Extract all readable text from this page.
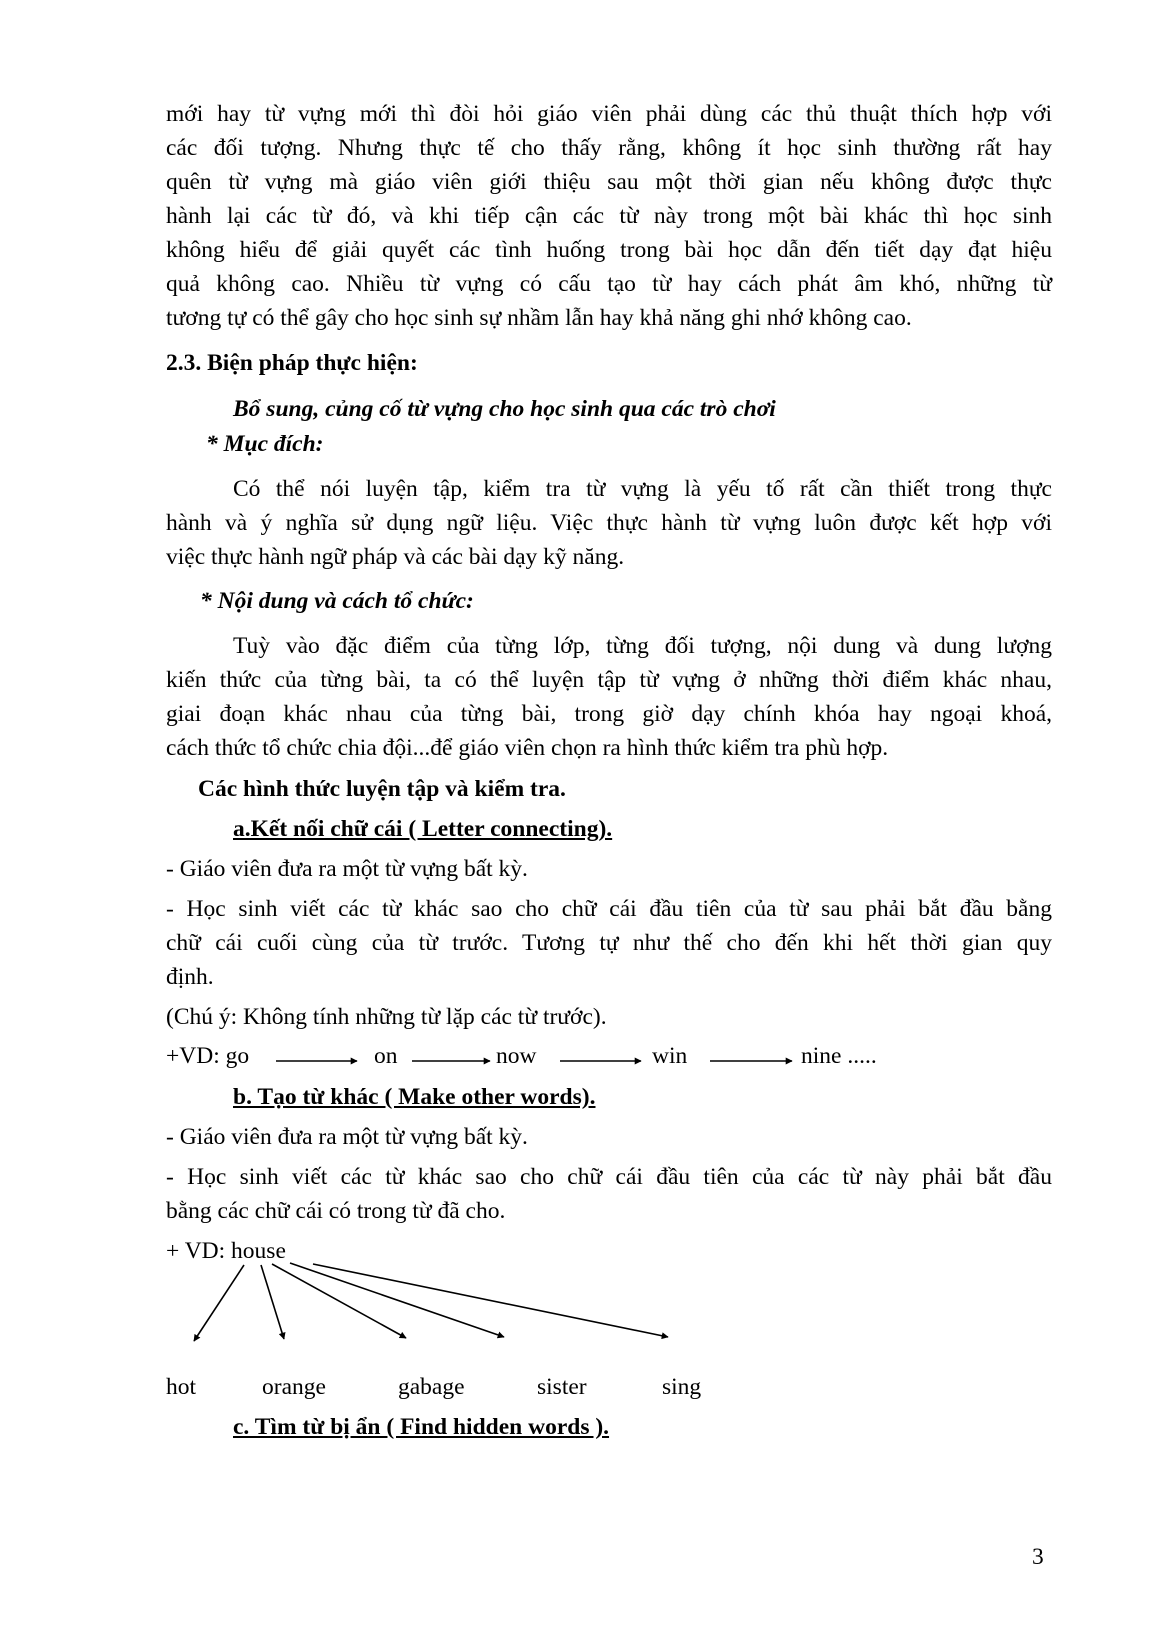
mới hay từ vựng mới thì đòi hỏi giáo viên phải dùng các thủ thuật thích hợp với
các đối tượng. Nhưng thực tế cho thấy rằng, không ít học sinh thường rất hay
quên từ vựng mà giáo viên giới thiệu sau một thời gian nếu không được thực
hành lại các từ đó, và khi tiếp cận các từ này trong một bài khác thì học sinh
không hiểu để giải quyết các tình huống trong bài học dẫn đến tiết dạy đạt hiệu
quả không cao. Nhiều từ vựng có cấu tạo từ hay cách phát âm khó, những từ
tương tự có thể gây cho học sinh sự nhầm lẫn hay khả năng ghi nhớ không cao.
2.3. Biện pháp thực hiện:
Bổ sung, củng cố từ vựng cho học sinh qua các trò chơi
* Mục đích:
Có thể nói luyện tập, kiểm tra từ vựng là yếu tố rất cần thiết trong thực
hành và ý nghĩa sử dụng ngữ liệu. Việc thực hành từ vựng luôn được kết hợp với
việc thực hành ngữ pháp và các bài dạy kỹ năng.
* Nội dung và cách tổ chức:
Tuỳ vào đặc điểm của từng lớp, từng đối tượng, nội dung và dung lượng
kiến thức của từng bài, ta có thể luyện tập từ vựng ở những thời điểm khác nhau,
giai đoạn khác nhau của từng bài, trong giờ dạy chính khóa hay ngoại khoá,
cách thức tổ chức chia đội...để giáo viên chọn ra hình thức kiểm tra phù hợp.
Các hình thức luyện tập và kiểm tra.
a.Kết nối chữ cái ( Letter connecting).
- Giáo viên đưa ra một từ vựng bất kỳ.
- Học sinh viết các từ khác sao cho chữ cái đầu tiên của từ sau phải bắt đầu bằng
chữ cái cuối cùng của từ trước. Tương tự như thế cho đến khi hết thời gian quy
định.
(Chú ý: Không tính những từ lặp các từ trước).
+VD: go	on	now	win	nine .....
b. Tạo từ khác ( Make other words).
- Giáo viên đưa ra một từ vựng bất kỳ.
- Học sinh viết các từ khác sao cho chữ cái đầu tiên của các từ này phải bắt đầu
bằng các chữ cái có trong từ đã cho.
+ VD: house
hot	orange	gabage	sister	sing
c. Tìm từ bị ẩn ( Find hidden words ).
3
